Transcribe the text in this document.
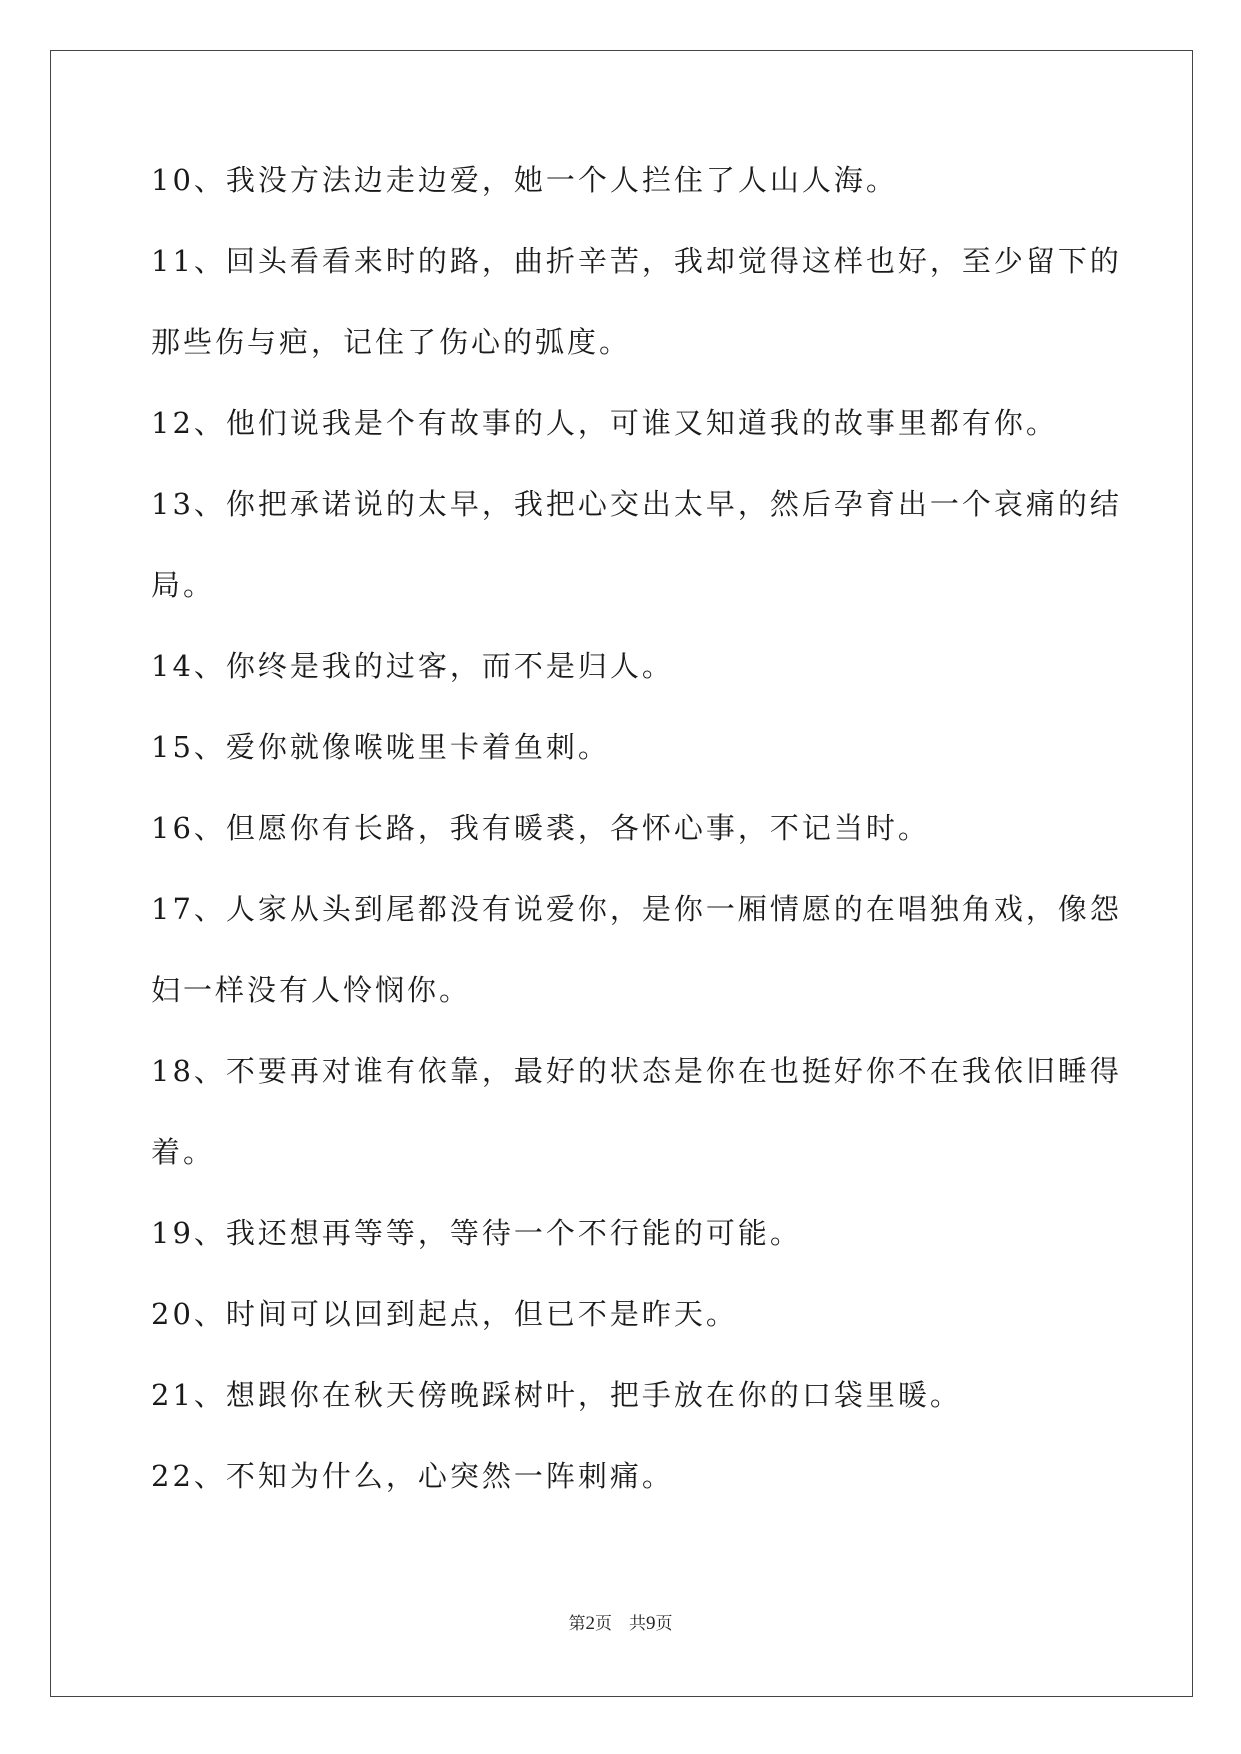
10、我没方法边走边爱，她一个人拦住了人山人海。
11、回头看看来时的路，曲折辛苦，我却觉得这样也好，至少留下的
那些伤与疤，记住了伤心的弧度。
12、他们说我是个有故事的人，可谁又知道我的故事里都有你。
13、你把承诺说的太早，我把心交出太早，然后孕育出一个哀痛的结
局。
14、你终是我的过客，而不是归人。
15、爱你就像喉咙里卡着鱼刺。
16、但愿你有长路，我有暖裘，各怀心事，不记当时。
17、人家从头到尾都没有说爱你，是你一厢情愿的在唱独角戏，像怨
妇一样没有人怜悯你。
18、不要再对谁有依靠，最好的状态是你在也挺好你不在我依旧睡得
着。
19、我还想再等等，等待一个不行能的可能。
20、时间可以回到起点，但已不是昨天。
21、想跟你在秋天傍晚踩树叶，把手放在你的口袋里暖。
22、不知为什么，心突然一阵刺痛。
第2页　共9页
